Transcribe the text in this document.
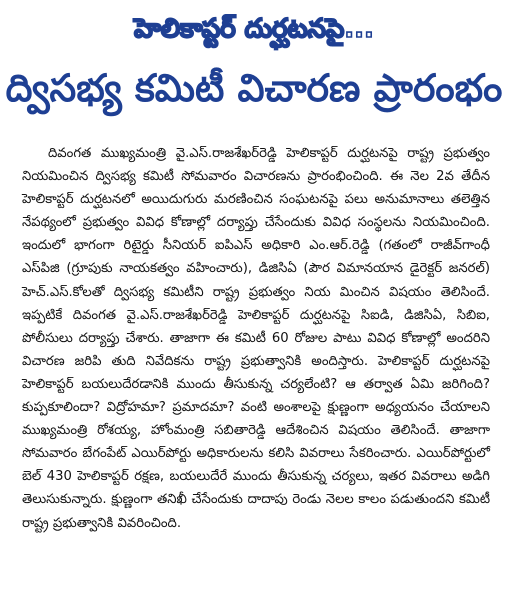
హెలికాప్టర్ దుర్ఘటనపై...
ద్విసభ్య కమిటీ విచారణ ప్రారంభం

దివంగత ముఖ్యమంత్రి వై.ఎస్.రాజశేఖర్‌రెడ్డి హెలికాప్టర్ దుర్ఘటనపై రాష్ట్ర ప్రభుత్వం నియమించిన ద్విసభ్య కమిటీ సోమవారం విచారణను ప్రారంభించింది. ఈ నెల 2వ తేదీన హెలికాప్టర్ దుర్ఘటనలో అయిదుగురు మరణించిన సంఘటనపై పలు అనుమానాలు తలెత్తిన నేపథ్యంలో ప్రభుత్వం వివిధ కోణాల్లో దర్యాప్తు చేసేందుకు వివిధ సంస్థలను నియమించింది. ఇందులో భాగంగా రిటైర్డు సీనియర్ ఐపిఎస్ అధికారి ఎం.ఆర్.రెడ్డి (గతంలో రాజీవ్‌గాంధీ ఎస్‌పిజి (గ్రూపుకు నాయకత్వం వహించారు), డిజిసిఏ (పౌర విమానయాన డైరెక్టర్ జనరల్) హెచ్.ఎస్.కోలతో ద్విసభ్య కమిటీని రాష్ట్ర ప్రభుత్వం నియ మించిన విషయం తెలిసిందే. ఇప్పటికే దివంగత వై.ఎస్.రాజశేఖర్‌రెడ్డి హెలికాప్టర్ దుర్ఘటనపై సిఐడి, డిజిసిఏ, సిబిఐ, పోలీసులు దర్యాప్తు చేశారు. తాజాగా ఈ కమిటీ 60 రోజుల పాటు వివిధ కోణాల్లో అందరిని విచారణ జరిపి తుది నివేదికను రాష్ట్ర ప్రభుత్వానికి అందిస్తారు. హెలికాప్టర్ దుర్ఘటనపై హెలికాప్టర్ బయలుదేరడానికి ముందు తీసుకున్న చర్యలేంటి? ఆ తర్వాత ఏమి జరిగింది? కుప్పకూలిందా? విద్రోహమా? ప్రమాదమా? వంటి అంశాలపై క్షుణ్ణంగా అధ్యయనం చేయాలని ముఖ్యమంత్రి రోశయ్య, హోంమంత్రి సబితారెడ్డి ఆదేశించిన విషయం తెలిసిందే. తాజాగా సోమవారం బేగంపేట్ ఎయిర్‌పోర్టు అధికారులను కలిసి వివరాలు సేకరించారు. ఎయిర్‌పోర్టులో బెల్ 430 హెలికాప్టర్ రక్షణ, బయలుదేరే ముందు తీసుకున్న చర్యలు, ఇతర వివరాలు అడిగి తెలుసుకున్నారు. క్షుణ్ణంగా తనిఖీ చేసేందుకు దాదాపు రెండు నెలల కాలం పడుతుందని కమిటీ రాష్ట్ర ప్రభుత్వానికి వివరించింది.
